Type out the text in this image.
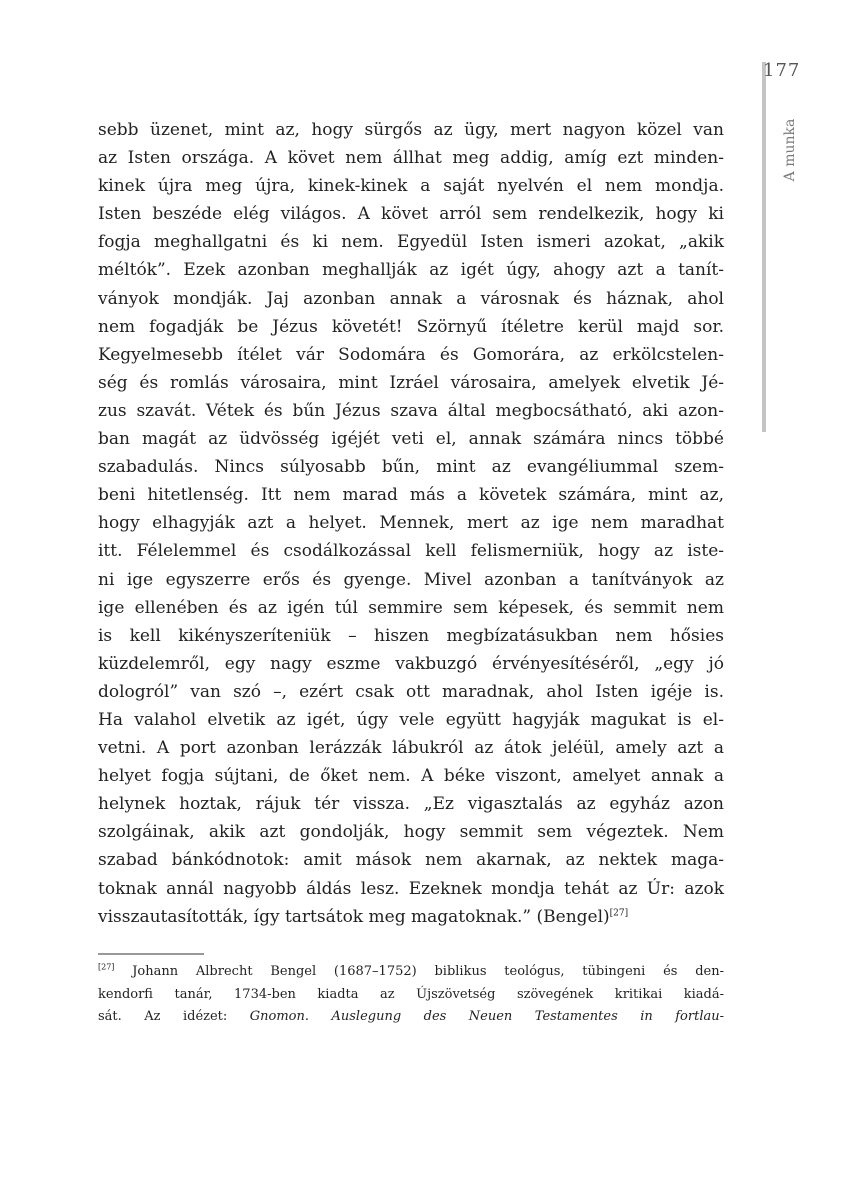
177
A munka
sebb üzenet, mint az, hogy sürgős az ügy, mert nagyon közel van
az Isten országa. A követ nem állhat meg addig, amíg ezt minden-
kinek újra meg újra, kinek-kinek a saját nyelvén el nem mondja.
Isten beszéde elég világos. A követ arról sem rendelkezik, hogy ki
fogja meghallgatni és ki nem. Egyedül Isten ismeri azokat, „akik
méltók”. Ezek azonban meghallják az igét úgy, ahogy azt a tanít-
ványok mondják. Jaj azonban annak a városnak és háznak, ahol
nem fogadják be Jézus követét! Szörnyű ítéletre kerül majd sor.
Kegyelmesebb ítélet vár Sodomára és Gomorára, az erkölcstelen-
ség és romlás városaira, mint Izráel városaira, amelyek elvetik Jé-
zus szavát. Vétek és bűn Jézus szava által megbocsátható, aki azon-
ban magát az üdvösség igéjét veti el, annak számára nincs többé
szabadulás. Nincs súlyosabb bűn, mint az evangéliummal szem-
beni hitetlenség. Itt nem marad más a követek számára, mint az,
hogy elhagyják azt a helyet. Mennek, mert az ige nem maradhat
itt. Félelemmel és csodálkozással kell felismerniük, hogy az iste-
ni ige egyszerre erős és gyenge. Mivel azonban a tanítványok az
ige ellenében és az igén túl semmire sem képesek, és semmit nem
is kell kikényszeríteniük – hiszen megbízatásukban nem hősies
küzdelemről, egy nagy eszme vakbuzgó érvényesítéséről, „egy jó
dologról” van szó –, ezért csak ott maradnak, ahol Isten igéje is.
Ha valahol elvetik az igét, úgy vele együtt hagyják magukat is el-
vetni. A port azonban lerázzák lábukról az átok jeléül, amely azt a
helyet fogja sújtani, de őket nem. A béke viszont, amelyet annak a
helynek hoztak, rájuk tér vissza. „Ez vigasztalás az egyház azon
szolgáinak, akik azt gondolják, hogy semmit sem végeztek. Nem
szabad bánkódnotok: amit mások nem akarnak, az nektek maga-
toknak annál nagyobb áldás lesz. Ezeknek mondja tehát az Úr: azok
visszautasították, így tartsátok meg magatoknak.” (Bengel)[27]
[27] Johann Albrecht Bengel (1687–1752) biblikus teológus, tübingeni és den-
kendorfi tanár, 1734-ben kiadta az Újszövetség szövegének kritikai kiadá-
sát. Az idézet: Gnomon. Auslegung des Neuen Testamentes in fortlau-
